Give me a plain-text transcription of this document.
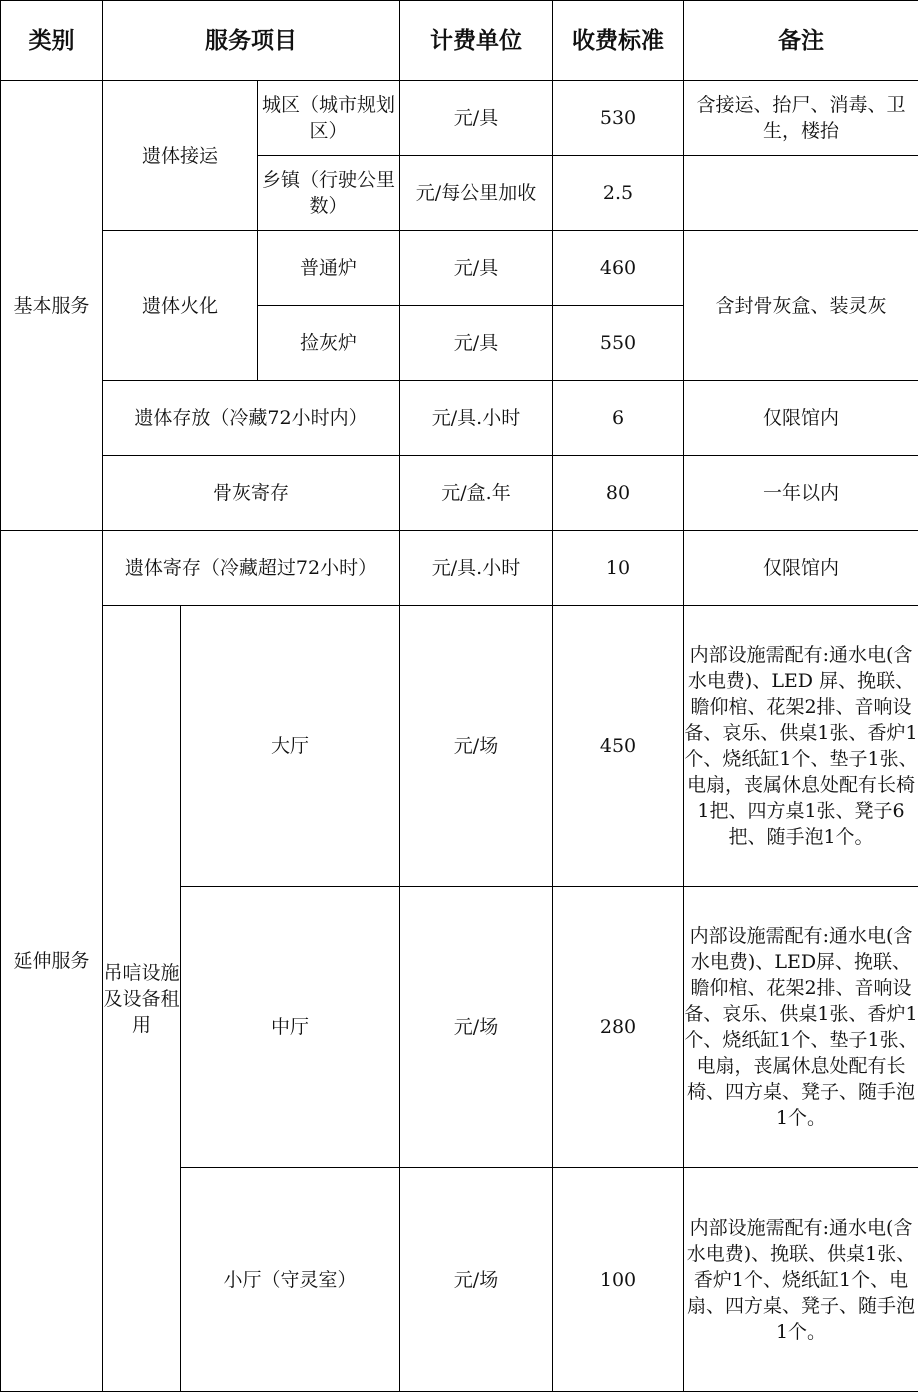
类别	服务项目			计费单位	收费标准	备注
基本服务	遗体接运		城区（城市规划区）	元/具	530	含接运、抬尸、消毒、卫生，楼抬
			乡镇（行驶公里数）	元/每公里加收	2.5	
	遗体火化		普通炉	元/具	460	含封骨灰盒、装灵灰
			捡灰炉	元/具	550	
	遗体存放（冷藏72小时内）			元/具.小时	6	仅限馆内
	骨灰寄存			元/盒.年	80	一年以内
延伸服务	遗体寄存（冷藏超过72小时）			元/具.小时	10	仅限馆内
	吊唁设施及设备租用	大厅		元/场	450	内部设施需配有:通水电(含水电费)、LED 屏、挽联、瞻仰棺、花架2排、音响设备、哀乐、供桌1张、香炉1个、烧纸缸1个、垫子1张、电扇，丧属休息处配有长椅1把、四方桌1张、凳子6把、随手泡1个。
		中厅		元/场	280	内部设施需配有:通水电(含水电费)、LED屏、挽联、瞻仰棺、花架2排、音响设备、哀乐、供桌1张、香炉1个、烧纸缸1个、垫子1张、电扇，丧属休息处配有长椅、四方桌、凳子、随手泡1个。
		小厅（守灵室）		元/场	100	内部设施需配有:通水电(含水电费)、挽联、供桌1张、香炉1个、烧纸缸1个、电扇、四方桌、凳子、随手泡1个。
